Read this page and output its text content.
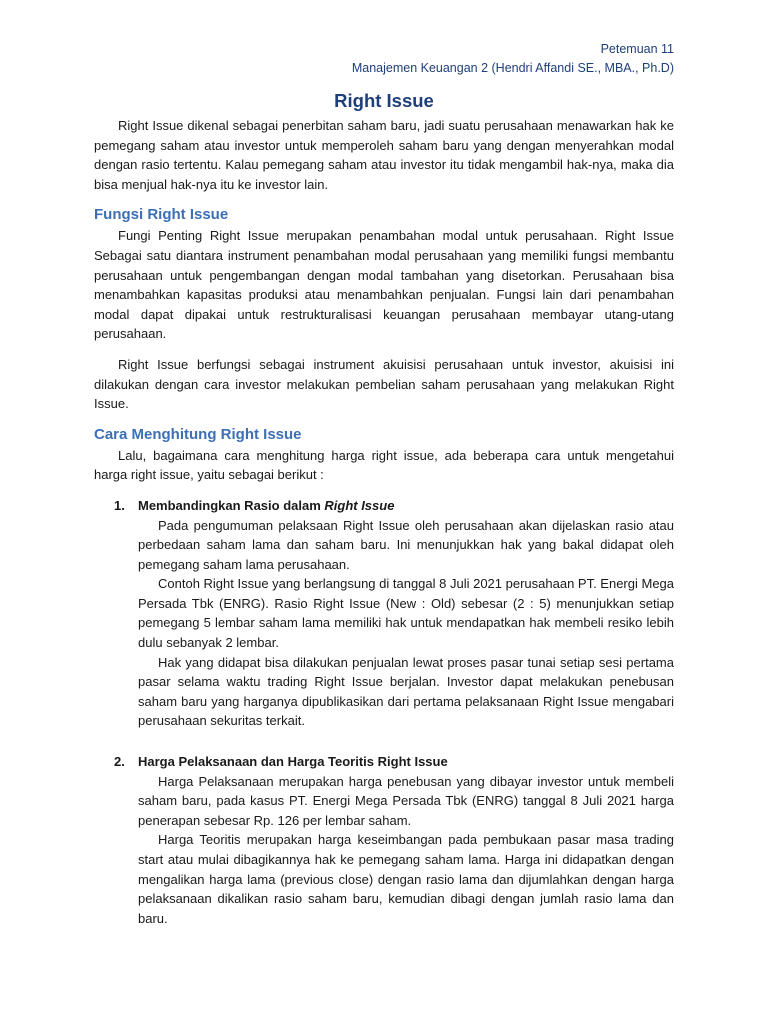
Petemuan 11
Manajemen Keuangan 2 (Hendri Affandi SE., MBA., Ph.D)
Right Issue

Right Issue dikenal sebagai penerbitan saham baru, jadi suatu perusahaan menawarkan hak ke pemegang saham atau investor untuk memperoleh saham baru yang dengan menyerahkan modal dengan rasio tertentu. Kalau pemegang saham atau investor itu tidak mengambil hak-nya, maka dia bisa menjual hak-nya itu ke investor lain.

Fungsi Right Issue

Fungi Penting Right Issue merupakan penambahan modal untuk perusahaan. Right Issue Sebagai satu diantara instrument penambahan modal perusahaan yang memiliki fungsi membantu perusahaan untuk pengembangan dengan modal tambahan yang disetorkan. Perusahaan bisa menambahkan kapasitas produksi atau menambahkan penjualan. Fungsi lain dari penambahan modal dapat dipakai untuk restrukturalisasi keuangan perusahaan membayar utang-utang perusahaan.

Right Issue berfungsi sebagai instrument akuisisi perusahaan untuk investor, akuisisi ini dilakukan dengan cara investor melakukan pembelian saham perusahaan yang melakukan Right Issue.

Cara Menghitung Right Issue

Lalu, bagaimana cara menghitung harga right issue, ada beberapa cara untuk mengetahui harga right issue, yaitu sebagai berikut :

1. Membandingkan Rasio dalam Right Issue

Pada pengumuman pelaksaan Right Issue oleh perusahaan akan dijelaskan rasio atau perbedaan saham lama dan saham baru. Ini menunjukkan hak yang bakal didapat oleh pemegang saham lama perusahaan.

Contoh Right Issue yang berlangsung di tanggal 8 Juli 2021 perusahaan PT. Energi Mega Persada Tbk (ENRG). Rasio Right Issue (New : Old) sebesar (2 : 5) menunjukkan setiap pemegang 5 lembar saham lama memiliki hak untuk mendapatkan hak membeli resiko lebih dulu sebanyak 2 lembar.

Hak yang didapat bisa dilakukan penjualan lewat proses pasar tunai setiap sesi pertama pasar selama waktu trading Right Issue berjalan. Investor dapat melakukan penebusan saham baru yang harganya dipublikasikan dari pertama pelaksanaan Right Issue mengabari perusahaan sekuritas terkait.

2. Harga Pelaksanaan dan Harga Teoritis Right Issue

Harga Pelaksanaan merupakan harga penebusan yang dibayar investor untuk membeli saham baru, pada kasus PT. Energi Mega Persada Tbk (ENRG) tanggal 8 Juli 2021 harga penerapan sebesar Rp. 126 per lembar saham.

Harga Teoritis merupakan harga keseimbangan pada pembukaan pasar masa trading start atau mulai dibagikannya hak ke pemegang saham lama. Harga ini didapatkan dengan mengalikan harga lama (previous close) dengan rasio lama dan dijumlahkan dengan harga pelaksanaan dikalikan rasio saham baru, kemudian dibagi dengan jumlah rasio lama dan baru.
